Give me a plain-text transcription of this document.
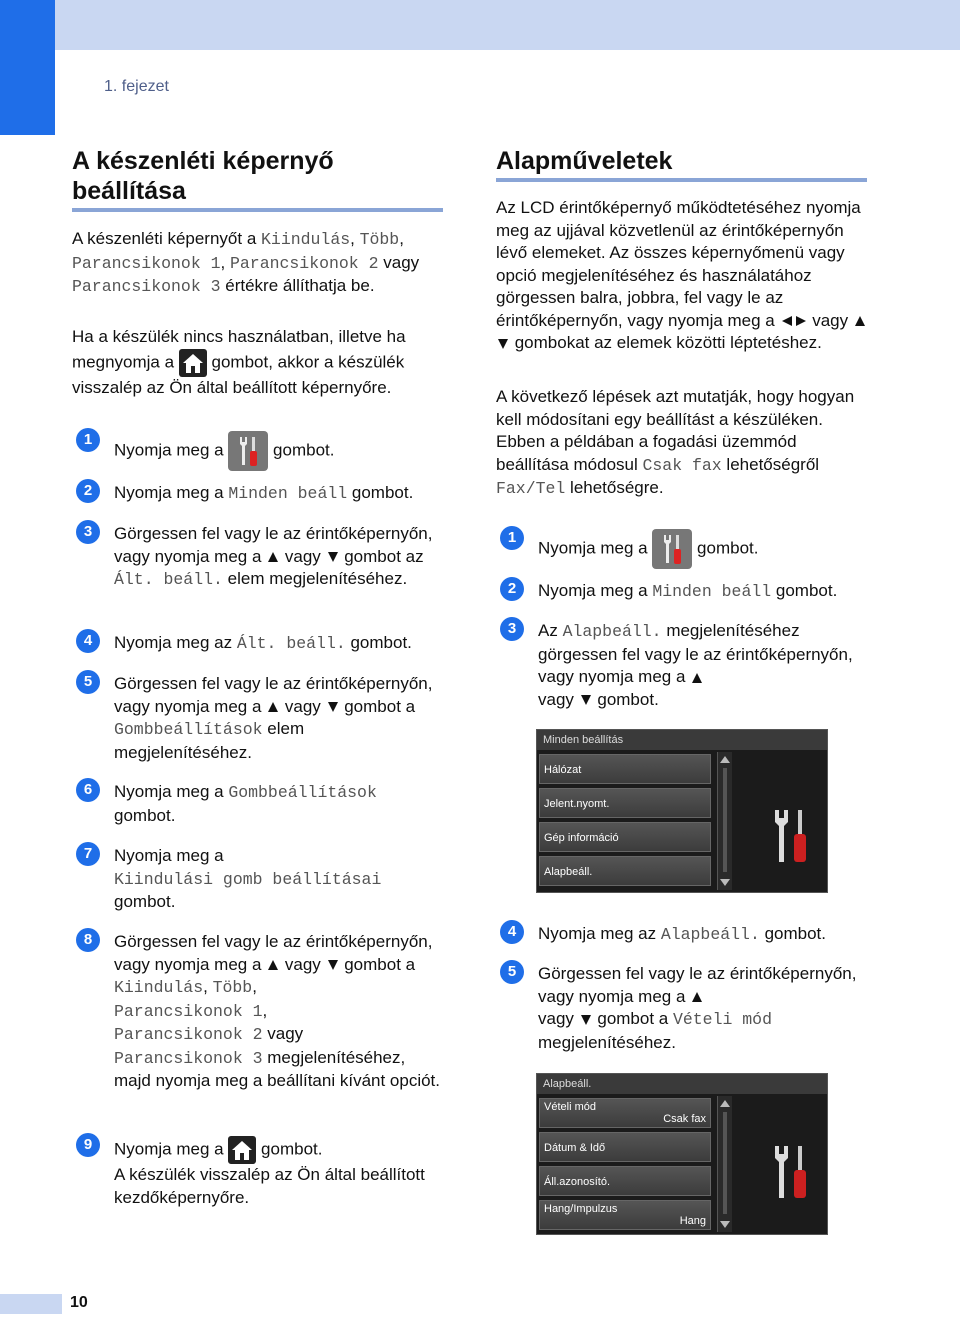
1. fejezet
A készenléti képernyő beállítása

A készenléti képernyőt a Kiindulás, Több, Parancsikonok 1, Parancsikonok 2 vagy Parancsikonok 3 értékre állíthatja be.

Ha a készülék nincs használatban, illetve ha megnyomja a
gombot, akkor a készülék visszalép az Ön által beállított képernyőre.

1
Nyomja meg a
gombot.
2	Nyomja meg a Minden beáll gombot.
3	Görgessen fel vagy le az érintőképernyőn, vagy nyomja meg a  vagy  gombot az Ált. beáll. elem megjelenítéséhez.
4	Nyomja meg az Ált. beáll. gombot.
5	Görgessen fel vagy le az érintőképernyőn, vagy nyomja meg a  vagy  gombot a Gombbeállítások elem megjelenítéséhez.
6	Nyomja meg a Gombbeállítások
gombot.
7	Nyomja meg a
Kiindulási gomb beállításai
gombot.
8	Görgessen fel vagy le az érintőképernyőn, vagy nyomja meg a  vagy  gombot a Kiindulás, Több,
Parancsikonok 1,
Parancsikonok 2 vagy
Parancsikonok 3 megjelenítéséhez, majd nyomja meg a beállítani kívánt opciót.
9	Nyomja meg a
gombot.
A készülék visszalép az Ön által beállított kezdőképernyőre.
Alapműveletek

Az LCD érintőképernyő működtetéséhez nyomja meg az ujjával közvetlenül az érintőképernyőn lévő elemeket. Az összes képernyőmenü vagy opció megjelenítéséhez és használatához görgessen balra, jobbra, fel vagy le az érintőképernyőn, vagy nyomja meg a  vagy  gombokat az elemek közötti léptetéshez.

A következő lépések azt mutatják, hogy hogyan kell módosítani egy beállítást a készüléken. Ebben a példában a fogadási üzemmód beállítása módosul Csak fax lehetőségről Fax/Tel lehetőségre.

1
Nyomja meg a
gombot.
2	Nyomja meg a Minden beáll gombot.
3	Az Alapbeáll. megjelenítéséhez görgessen fel vagy le az érintőképernyőn, vagy nyomja meg a
vagy  gombot.
Minden beállítás
Hálózat
Jelent.nyomt.
Gép információ
Alapbeáll.
4	Nyomja meg az Alapbeáll. gombot.
5	Görgessen fel vagy le az érintőképernyőn, vagy nyomja meg a
vagy  gombot a Vételi mód
megjelenítéséhez.
Alapbeáll.
Vételi mód
Csak fax
Dátum & Idő
Áll.azonosító.
Hang/Impulzus
Hang
10
